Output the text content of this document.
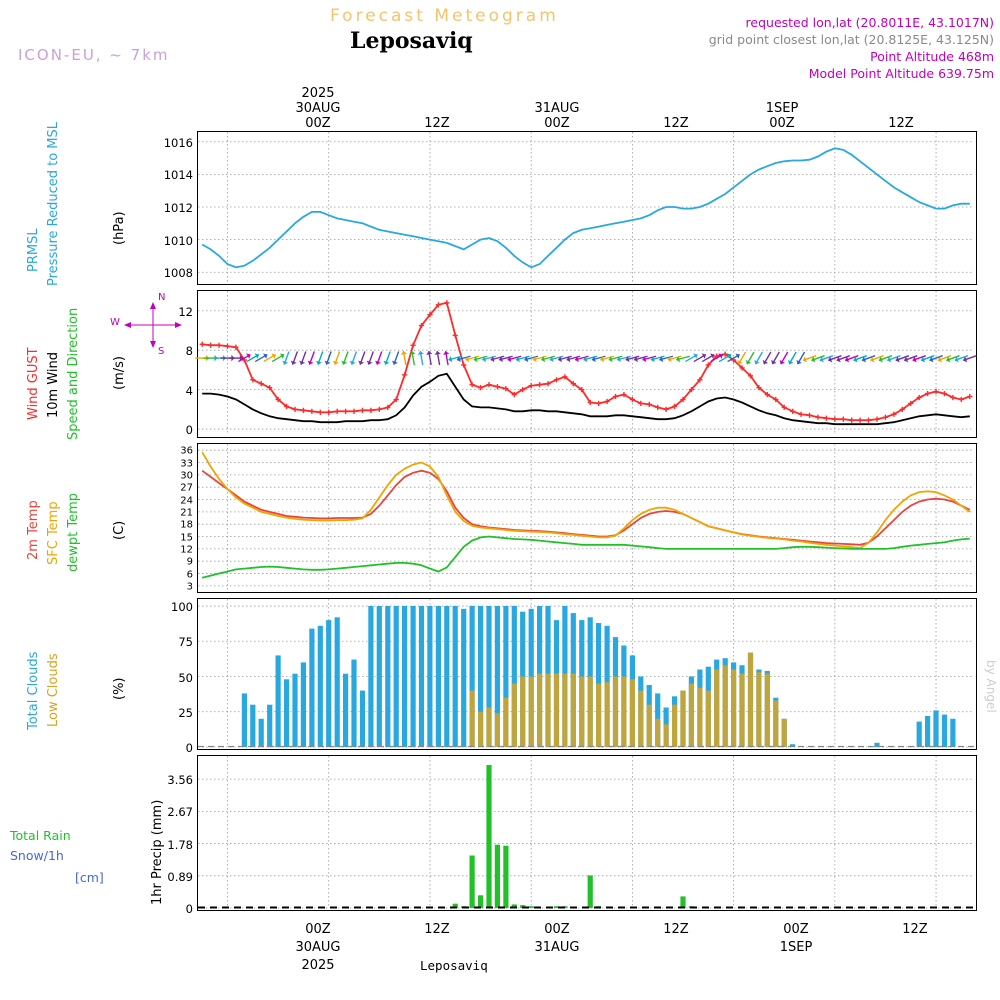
Forecast Meteogram
Leposaviq
requested lon,lat (20.8011E, 43.1017N)
grid point closest lon,lat (20.8125E, 43.125N)
Point Altitude 468m
Model Point Altitude 639.75m
ICON-EU, ~ 7km
by Angel
2025
30AUG
00Z	12Z
31AUG
00Z	12Z
1SEP
00Z	12Z
00Z
30AUG
2025
12Z	00Z
31AUG
12Z	00Z
1SEP
12Z
1008
1010
1012
1014
1016
0
4
8
12
3
6
9
12
15
18
21
24
27
30
33
36
0
25
50
75
100
0
0.89
1.78
2.67
3.56
(hPa)
(m/s)
(C)
(%)
1hr Precip (mm)
PRMSL Pressure Reduced to MSL
Wind GUST 10m Wind Speed and Direction
2m Temp SFC Temp dewpt Temp
Total Clouds Low Clouds
Total Rain
Snow/1h
[cm]
N
S
W
Leposaviq
